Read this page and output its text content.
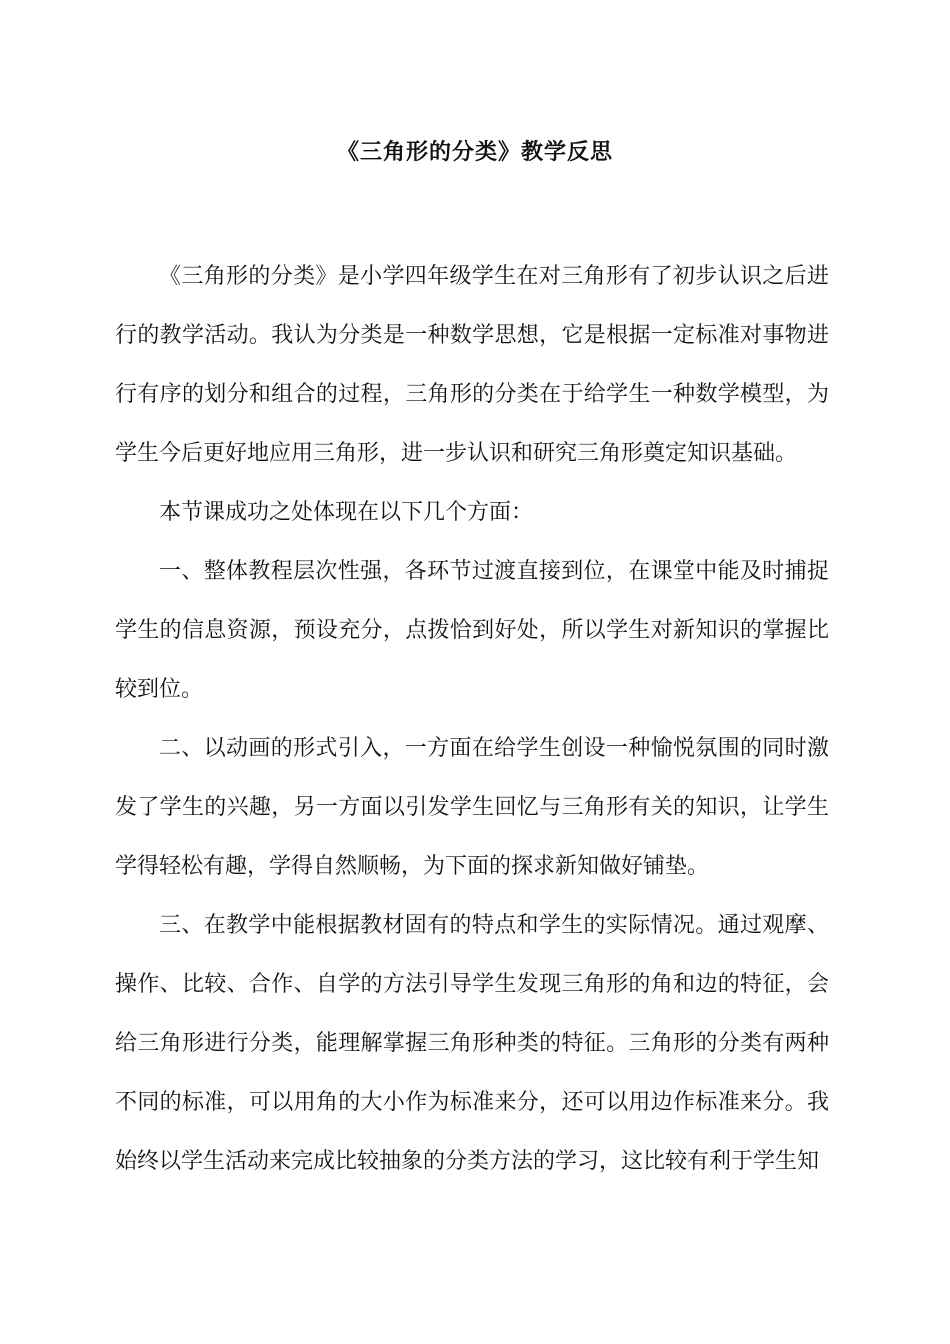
《三角形的分类》教学反思

《三角形的分类》是小学四年级学生在对三角形有了初步认识之后进行的教学活动。我认为分类是一种数学思想，它是根据一定标准对事物进行有序的划分和组合的过程，三角形的分类在于给学生一种数学模型，为学生今后更好地应用三角形，进一步认识和研究三角形奠定知识基础。

本节课成功之处体现在以下几个方面：

一、整体教程层次性强，各环节过渡直接到位，在课堂中能及时捕捉学生的信息资源，预设充分，点拨恰到好处，所以学生对新知识的掌握比较到位。

二、以动画的形式引入，一方面在给学生创设一种愉悦氛围的同时激发了学生的兴趣，另一方面以引发学生回忆与三角形有关的知识，让学生学得轻松有趣，学得自然顺畅，为下面的探求新知做好铺垫。

三、在教学中能根据教材固有的特点和学生的实际情况。通过观摩、操作、比较、合作、自学的方法引导学生发现三角形的角和边的特征，会给三角形进行分类，能理解掌握三角形种类的特征。三角形的分类有两种不同的标准，可以用角的大小作为标准来分，还可以用边作标准来分。我始终以学生活动来完成比较抽象的分类方法的学习，这比较有利于学生知
